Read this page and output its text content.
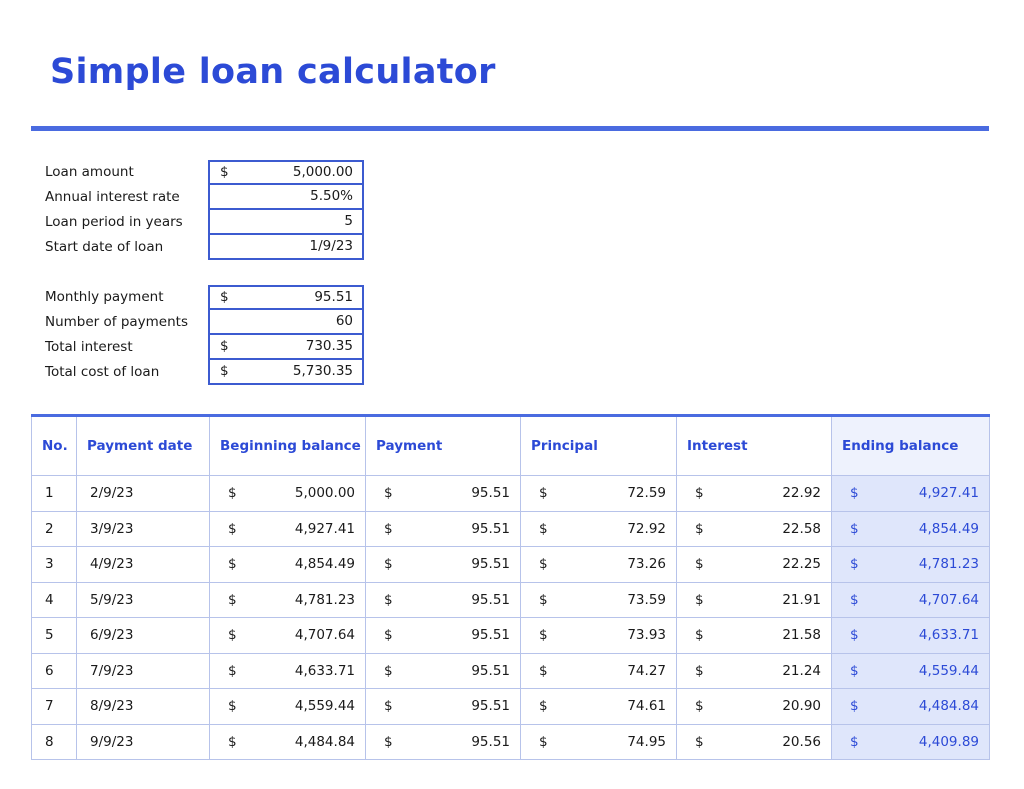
Simple loan calculator
Loan amount	$	5,000.00
Annual interest rate	5.50%
Loan period in years	5
Start date of loan	1/9/23
Monthly payment	$	95.51
Number of payments	60
Total interest	$	730.35
Total cost of loan	$	5,730.35
No.	Payment date	Beginning balance	Payment	Principal	Interest	Ending balance
1	2/9/23	$ 5,000.00	$ 95.51	$ 72.59	$ 22.92	$ 4,927.41

2	3/9/23	$ 4,927.41	$ 95.51	$ 72.92	$ 22.58	$ 4,854.49

3	4/9/23	$ 4,854.49	$ 95.51	$ 73.26	$ 22.25	$ 4,781.23

4	5/9/23	$ 4,781.23	$ 95.51	$ 73.59	$ 21.91	$ 4,707.64

5	6/9/23	$ 4,707.64	$ 95.51	$ 73.93	$ 21.58	$ 4,633.71

6	7/9/23	$ 4,633.71	$ 95.51	$ 74.27	$ 21.24	$ 4,559.44

7	8/9/23	$ 4,559.44	$ 95.51	$ 74.61	$ 20.90	$ 4,484.84

8	9/9/23	$ 4,484.84	$ 95.51	$ 74.95	$ 20.56	$ 4,409.89
